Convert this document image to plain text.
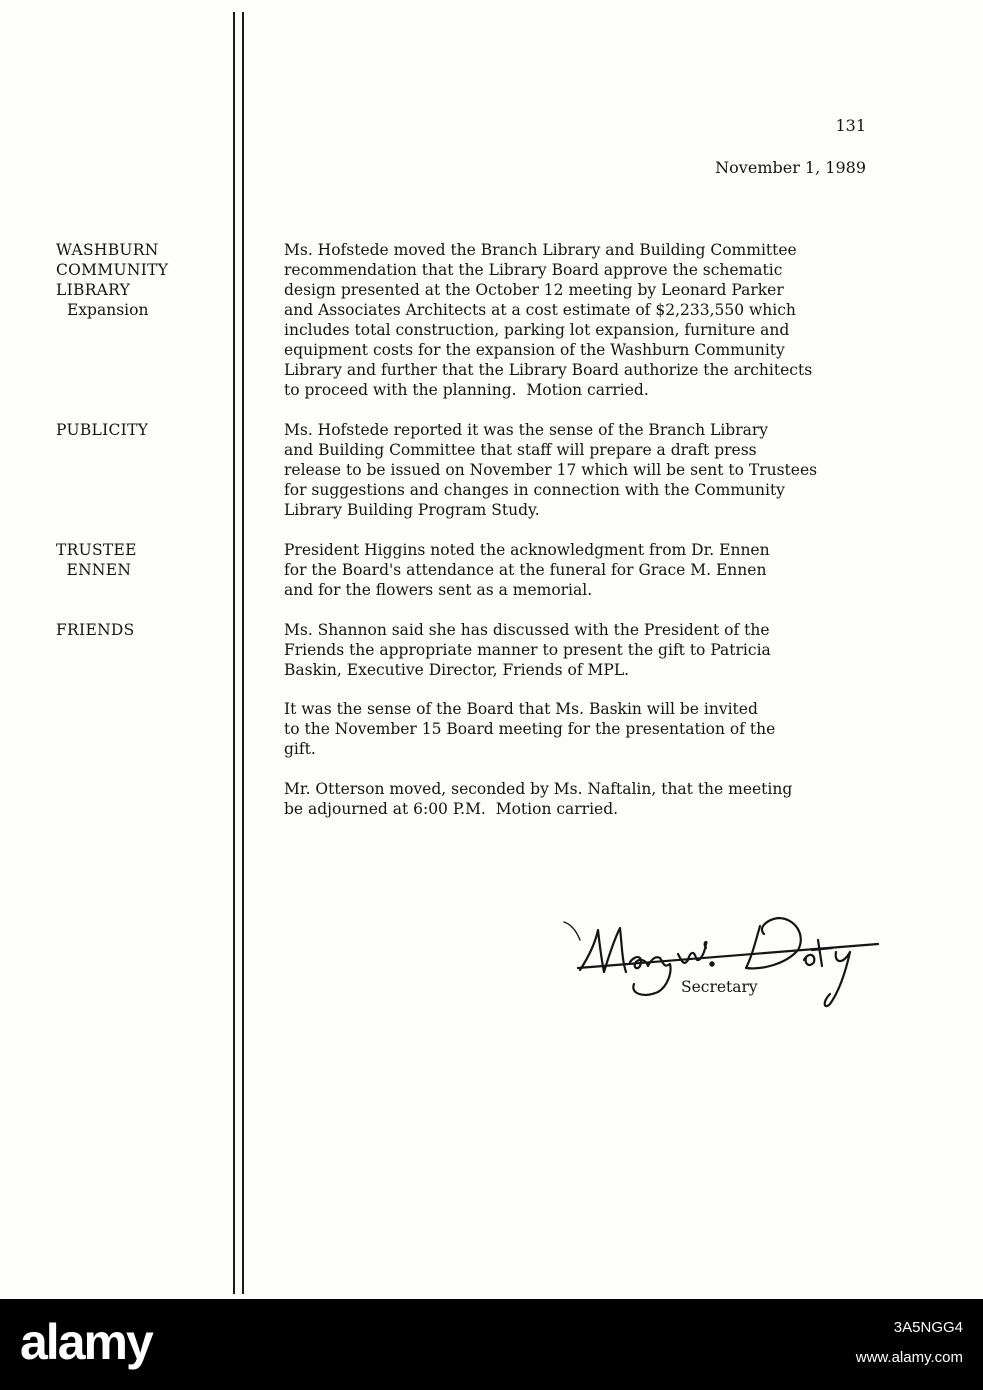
131
November 1, 1989
WASHBURN
COMMUNITY
LIBRARY
Expansion
PUBLICITY
TRUSTEE
ENNEN
FRIENDS
Ms. Hofstede moved the Branch Library and Building Committee
recommendation that the Library Board approve the schematic
design presented at the October 12 meeting by Leonard Parker
and Associates Architects at a cost estimate of $2,233,550 which
includes total construction, parking lot expansion, furniture and
equipment costs for the expansion of the Washburn Community
Library and further that the Library Board authorize the architects
to proceed with the planning.  Motion carried.
Ms. Hofstede reported it was the sense of the Branch Library
and Building Committee that staff will prepare a draft press
release to be issued on November 17 which will be sent to Trustees
for suggestions and changes in connection with the Community
Library Building Program Study.
President Higgins noted the acknowledgment from Dr. Ennen
for the Board's attendance at the funeral for Grace M. Ennen
and for the flowers sent as a memorial.
Ms. Shannon said she has discussed with the President of the
Friends the appropriate manner to present the gift to Patricia
Baskin, Executive Director, Friends of MPL.
It was the sense of the Board that Ms. Baskin will be invited
to the November 15 Board meeting for the presentation of the
gift.
Mr. Otterson moved, seconded by Ms. Naftalin, that the meeting
be adjourned at 6:00 P.M.  Motion carried.
Secretary
alamy	3A5NGG4
www.alamy.com
